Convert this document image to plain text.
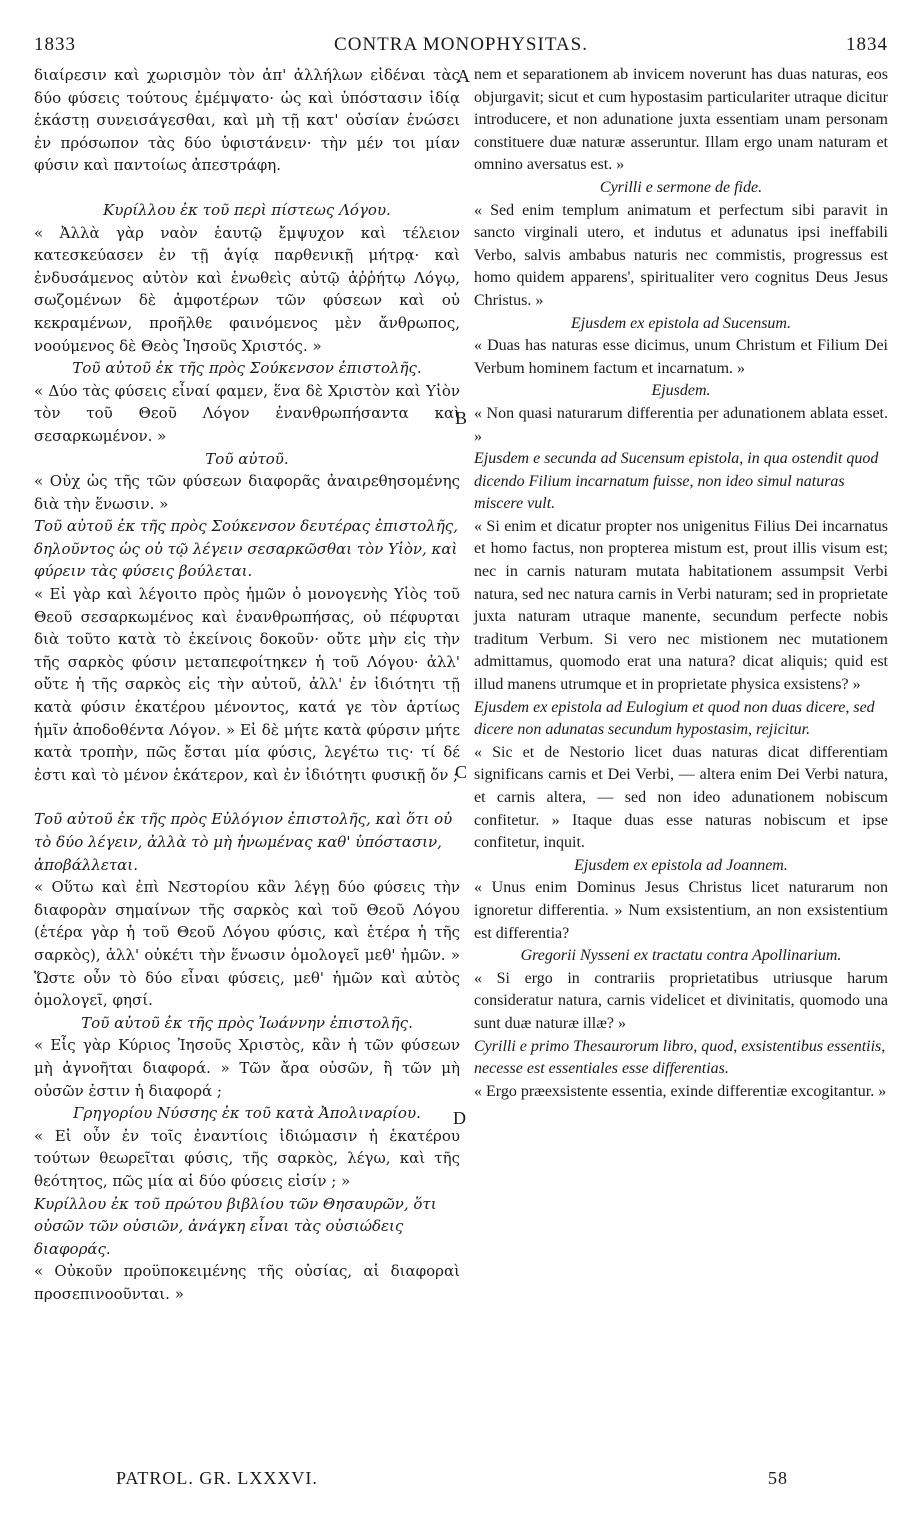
1833	CONTRA MONOPHYSITAS.	1834

διαίρεσιν καὶ χωρισμὸν τὸν ἀπ' ἀλλήλων εἰδέναι τὰς δύο φύσεις τούτους ἐμέμψατο· ὡς καὶ ὑπόστασιν ἰδίᾳ ἑκάστῃ συνεισάγεσθαι, καὶ μὴ τῇ κατ' οὐσίαν ἑνώσει ἐν πρόσωπον τὰς δύο ὑφιστάνειν· τὴν μέν τοι μίαν φύσιν καὶ παντοίως ἀπεστράφη.

Κυρίλλου ἐκ τοῦ περὶ πίστεως Λόγου.

« Ἀλλὰ γὰρ ναὸν ἑαυτῷ ἔμψυχον καὶ τέλειον κατεσκεύασεν ἐν τῇ ἁγίᾳ παρθενικῇ μήτρᾳ· καὶ ἐνδυσάμενος αὐτὸν καὶ ἑνωθεὶς αὐτῷ ἀῤῥήτῳ Λόγῳ, σωζομένων δὲ ἀμφοτέρων τῶν φύσεων καὶ οὐ κεκραμένων, προῆλθε φαινόμενος μὲν ἄνθρωπος, νοούμενος δὲ Θεὸς Ἰησοῦς Χριστός. »

Τοῦ αὐτοῦ ἐκ τῆς πρὸς Σούκενσον ἐπιστολῆς.

« Δύο τὰς φύσεις εἶναί φαμεν, ἕνα δὲ Χριστὸν καὶ Υἱὸν τὸν τοῦ Θεοῦ Λόγον ἐνανθρωπήσαντα καὶ σεσαρκωμένον. »

Τοῦ αὐτοῦ.

« Οὐχ ὡς τῆς τῶν φύσεων διαφορᾶς ἀναιρεθησομένης διὰ τὴν ἕνωσιν. »

Τοῦ αὐτοῦ ἐκ τῆς πρὸς Σούκενσον δευτέρας ἐπιστολῆς, δηλοῦντος ὡς οὐ τῷ λέγειν σεσαρκῶσθαι τὸν Υἱὸν, καὶ φύρειν τὰς φύσεις βούλεται.

« Εἰ γὰρ καὶ λέγοιτο πρὸς ἡμῶν ὁ μονογενὴς Υἱὸς τοῦ Θεοῦ σεσαρκωμένος καὶ ἐνανθρωπήσας, οὐ πέφυρται διὰ τοῦτο κατὰ τὸ ἐκείνοις δοκοῦν· οὔτε μὴν εἰς τὴν τῆς σαρκὸς φύσιν μεταπεφοίτηκεν ἡ τοῦ Λόγου· ἀλλ' οὔτε ἡ τῆς σαρκὸς εἰς τὴν αὐτοῦ, ἀλλ' ἐν ἰδιότητι τῇ κατὰ φύσιν ἑκατέρου μένοντος, κατά γε τὸν ἀρτίως ἡμῖν ἀποδοθέντα Λόγον. » Εἰ δὲ μήτε κατὰ φύρσιν μήτε κατὰ τροπὴν, πῶς ἔσται μία φύσις, λεγέτω τις· τί δέ ἐστι καὶ τὸ μένον ἑκάτερον, καὶ ἐν ἰδιότητι φυσικῇ ὄν ;

Τοῦ αὐτοῦ ἐκ τῆς πρὸς Εὐλόγιον ἐπιστολῆς, καὶ ὅτι οὐ τὸ δύο λέγειν, ἀλλὰ τὸ μὴ ἡνωμένας καθ' ὑπόστασιν, ἀποβάλλεται.

« Οὕτω καὶ ἐπὶ Νεστορίου κἂν λέγῃ δύο φύσεις τὴν διαφορὰν σημαίνων τῆς σαρκὸς καὶ τοῦ Θεοῦ Λόγου (ἑτέρα γὰρ ἡ τοῦ Θεοῦ Λόγου φύσις, καὶ ἑτέρα ἡ τῆς σαρκὸς), ἀλλ' οὐκέτι τὴν ἕνωσιν ὁμολογεῖ μεθ' ἡμῶν. » Ὥστε οὖν τὸ δύο εἶναι φύσεις, μεθ' ἡμῶν καὶ αὐτὸς ὁμολογεῖ, φησί.

Τοῦ αὐτοῦ ἐκ τῆς πρὸς Ἰωάννην ἐπιστολῆς.

« Εἷς γὰρ Κύριος Ἰησοῦς Χριστὸς, κἂν ἡ τῶν φύσεων μὴ ἀγνοῆται διαφορά. » Τῶν ἄρα οὐσῶν, ἢ τῶν μὴ οὐσῶν ἐστιν ἡ διαφορά ;

Γρηγορίου Νύσσης ἐκ τοῦ κατὰ Ἀπολιναρίου.

« Εἰ οὖν ἐν τοῖς ἐναντίοις ἰδιώμασιν ἡ ἑκατέρου τούτων θεωρεῖται φύσις, τῆς σαρκὸς, λέγω, καὶ τῆς θεότητος, πῶς μία αἱ δύο φύσεις εἰσίν ; »

Κυρίλλου ἐκ τοῦ πρώτου βιβλίου τῶν Θησαυρῶν, ὅτι οὐσῶν τῶν οὐσιῶν, ἀνάγκη εἶναι τὰς οὐσιώδεις διαφοράς.

« Οὐκοῦν προϋποκειμένης τῆς οὐσίας, αἱ διαφοραὶ προσεπινοοῦνται. »

nem et separationem ab invicem noverunt has duas naturas, eos objurgavit; sicut et cum hypostasim particulariter utraque dicitur introducere, et non adunatione juxta essentiam unam personam constituere duæ naturæ asseruntur. Illam ergo unam naturam et omnino aversatus est. »

Cyrilli e sermone de fide.

« Sed enim templum animatum et perfectum sibi paravit in sancto virginali utero, et indutus et adunatus ipsi ineffabili Verbo, salvis ambabus naturis nec commistis, progressus est homo quidem apparens', spiritualiter vero cognitus Deus Jesus Christus. »

Ejusdem ex epistola ad Sucensum.

« Duas has naturas esse dicimus, unum Christum et Filium Dei Verbum hominem factum et incarnatum. »

Ejusdem.

« Non quasi naturarum differentia per adunationem ablata esset. »

Ejusdem e secunda ad Sucensum epistola, in qua ostendit quod dicendo Filium incarnatum fuisse, non ideo simul naturas miscere vult.

« Si enim et dicatur propter nos unigenitus Filius Dei incarnatus et homo factus, non propterea mistum est, prout illis visum est; nec in carnis naturam mutata habitationem assumpsit Verbi natura, sed nec natura carnis in Verbi naturam; sed in proprietate juxta naturam utraque manente, secundum perfecte nobis traditum Verbum. Si vero nec mistionem nec mutationem admittamus, quomodo erat una natura? dicat aliquis; quid est illud manens utrumque et in proprietate physica exsistens? »

Ejusdem ex epistola ad Eulogium et quod non duas dicere, sed dicere non adunatas secundum hypostasim, rejicitur.

« Sic et de Nestorio licet duas naturas dicat differentiam significans carnis et Dei Verbi, — altera enim Dei Verbi natura, et carnis altera, — sed non ideo adunationem nobiscum confitetur. » Itaque duas esse naturas nobiscum et ipse confitetur, inquit.

Ejusdem ex epistola ad Joannem.

« Unus enim Dominus Jesus Christus licet naturarum non ignoretur differentia. » Num exsistentium, an non exsistentium est differentia?

Gregorii Nysseni ex tractatu contra Apollinarium.

« Si ergo in contrariis proprietatibus utriusque harum consideratur natura, carnis videlicet et divinitatis, quomodo una sunt duæ naturæ illæ? »

Cyrilli e primo Thesaurorum libro, quod, exsistentibus essentiis, necesse est essentiales esse differentias.

« Ergo præexsistente essentia, exinde differentiæ excogitantur. »

A
B
C
D
PATROL. GR. LXXXVI.	58
